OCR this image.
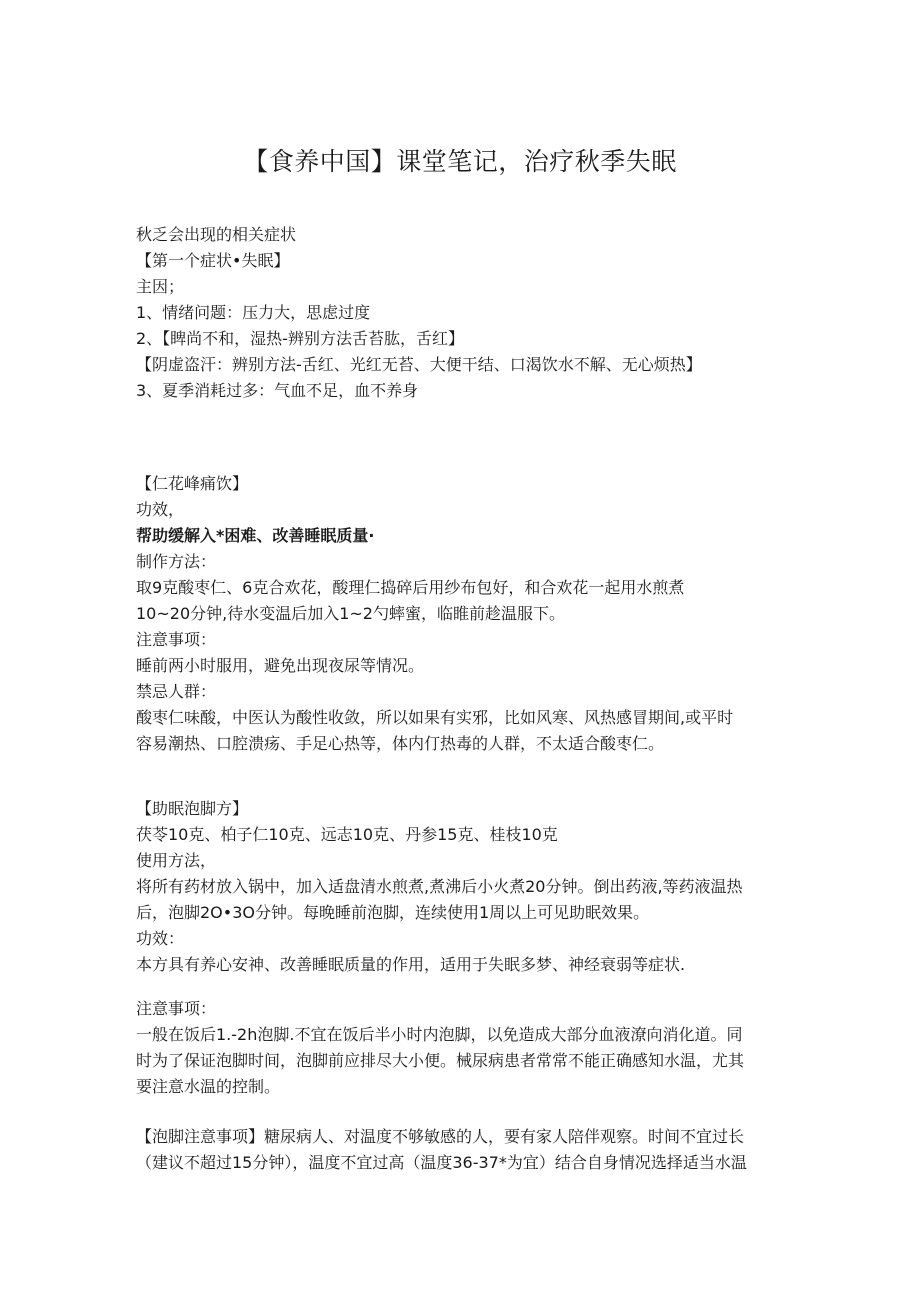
【食养中国】课堂笔记，治疗秋季失眠

秋乏会出现的相关症状

【第一个症状•失眠】

主因；

1、情绪问题：压力大，思虑过度

2、【睥尚不和，湿热-辨别方法舌苔肱，舌红】

【阴虚盗汗：辨别方法-舌红、光红无苔、大便干结、口渴饮水不解、无心烦热】

3、夏季消耗过多：气血不足，血不养身

【仁花峰痛饮】

功效，

帮助缓解入*困难、改善睡眠质量·

制作方法：

取9克酸枣仁、6克合欢花，酸理仁捣碎后用纱布包好，和合欢花一起用水煎煮

10~20分钟,待水变温后加入1~2勺蟀蜜，临睢前趁温服下。

注意事项：

睡前两小时服用，避免出现夜尿等情况。

禁忌人群：

酸枣仁味酸，中医认为酸性收敛，所以如果有实邪，比如风寒、风热感冒期间,或平时

容易潮热、口腔溃疡、手足心热等，体内仃热毒的人群，不太适合酸枣仁。

【助眠泡脚方】

茯苓10克、柏子仁10克、远志10克、丹参15克、桂枝10克

使用方法，

将所有药材放入锅中，加入适盘清水煎煮,煮沸后小火煮20分钟。倒出药液,等药液温热

后，泡脚2O•3O分钟。每晚睡前泡脚，连续使用1周以上可见助眠效果。

功效：

本方具有养心安神、改善睡眠质量的作用，适用于失眠多梦、神经衰弱等症状.

注意事项：

一般在饭后1.-2h泡脚.不宜在饭后半小时内泡脚，以免造成大部分血液潦向消化道。同

时为了保证泡脚时间，泡脚前应排尽大小便。械尿病患者常常不能正确感知水温，尤其

要注意水温的控制。

【泡脚注意事项】糖尿病人、对温度不够敏感的人，要有家人陪伴观察。时间不宜过长

（建议不超过15分钟），温度不宜过高（温度36-37*为宜）结合自身情况选择适当水温
